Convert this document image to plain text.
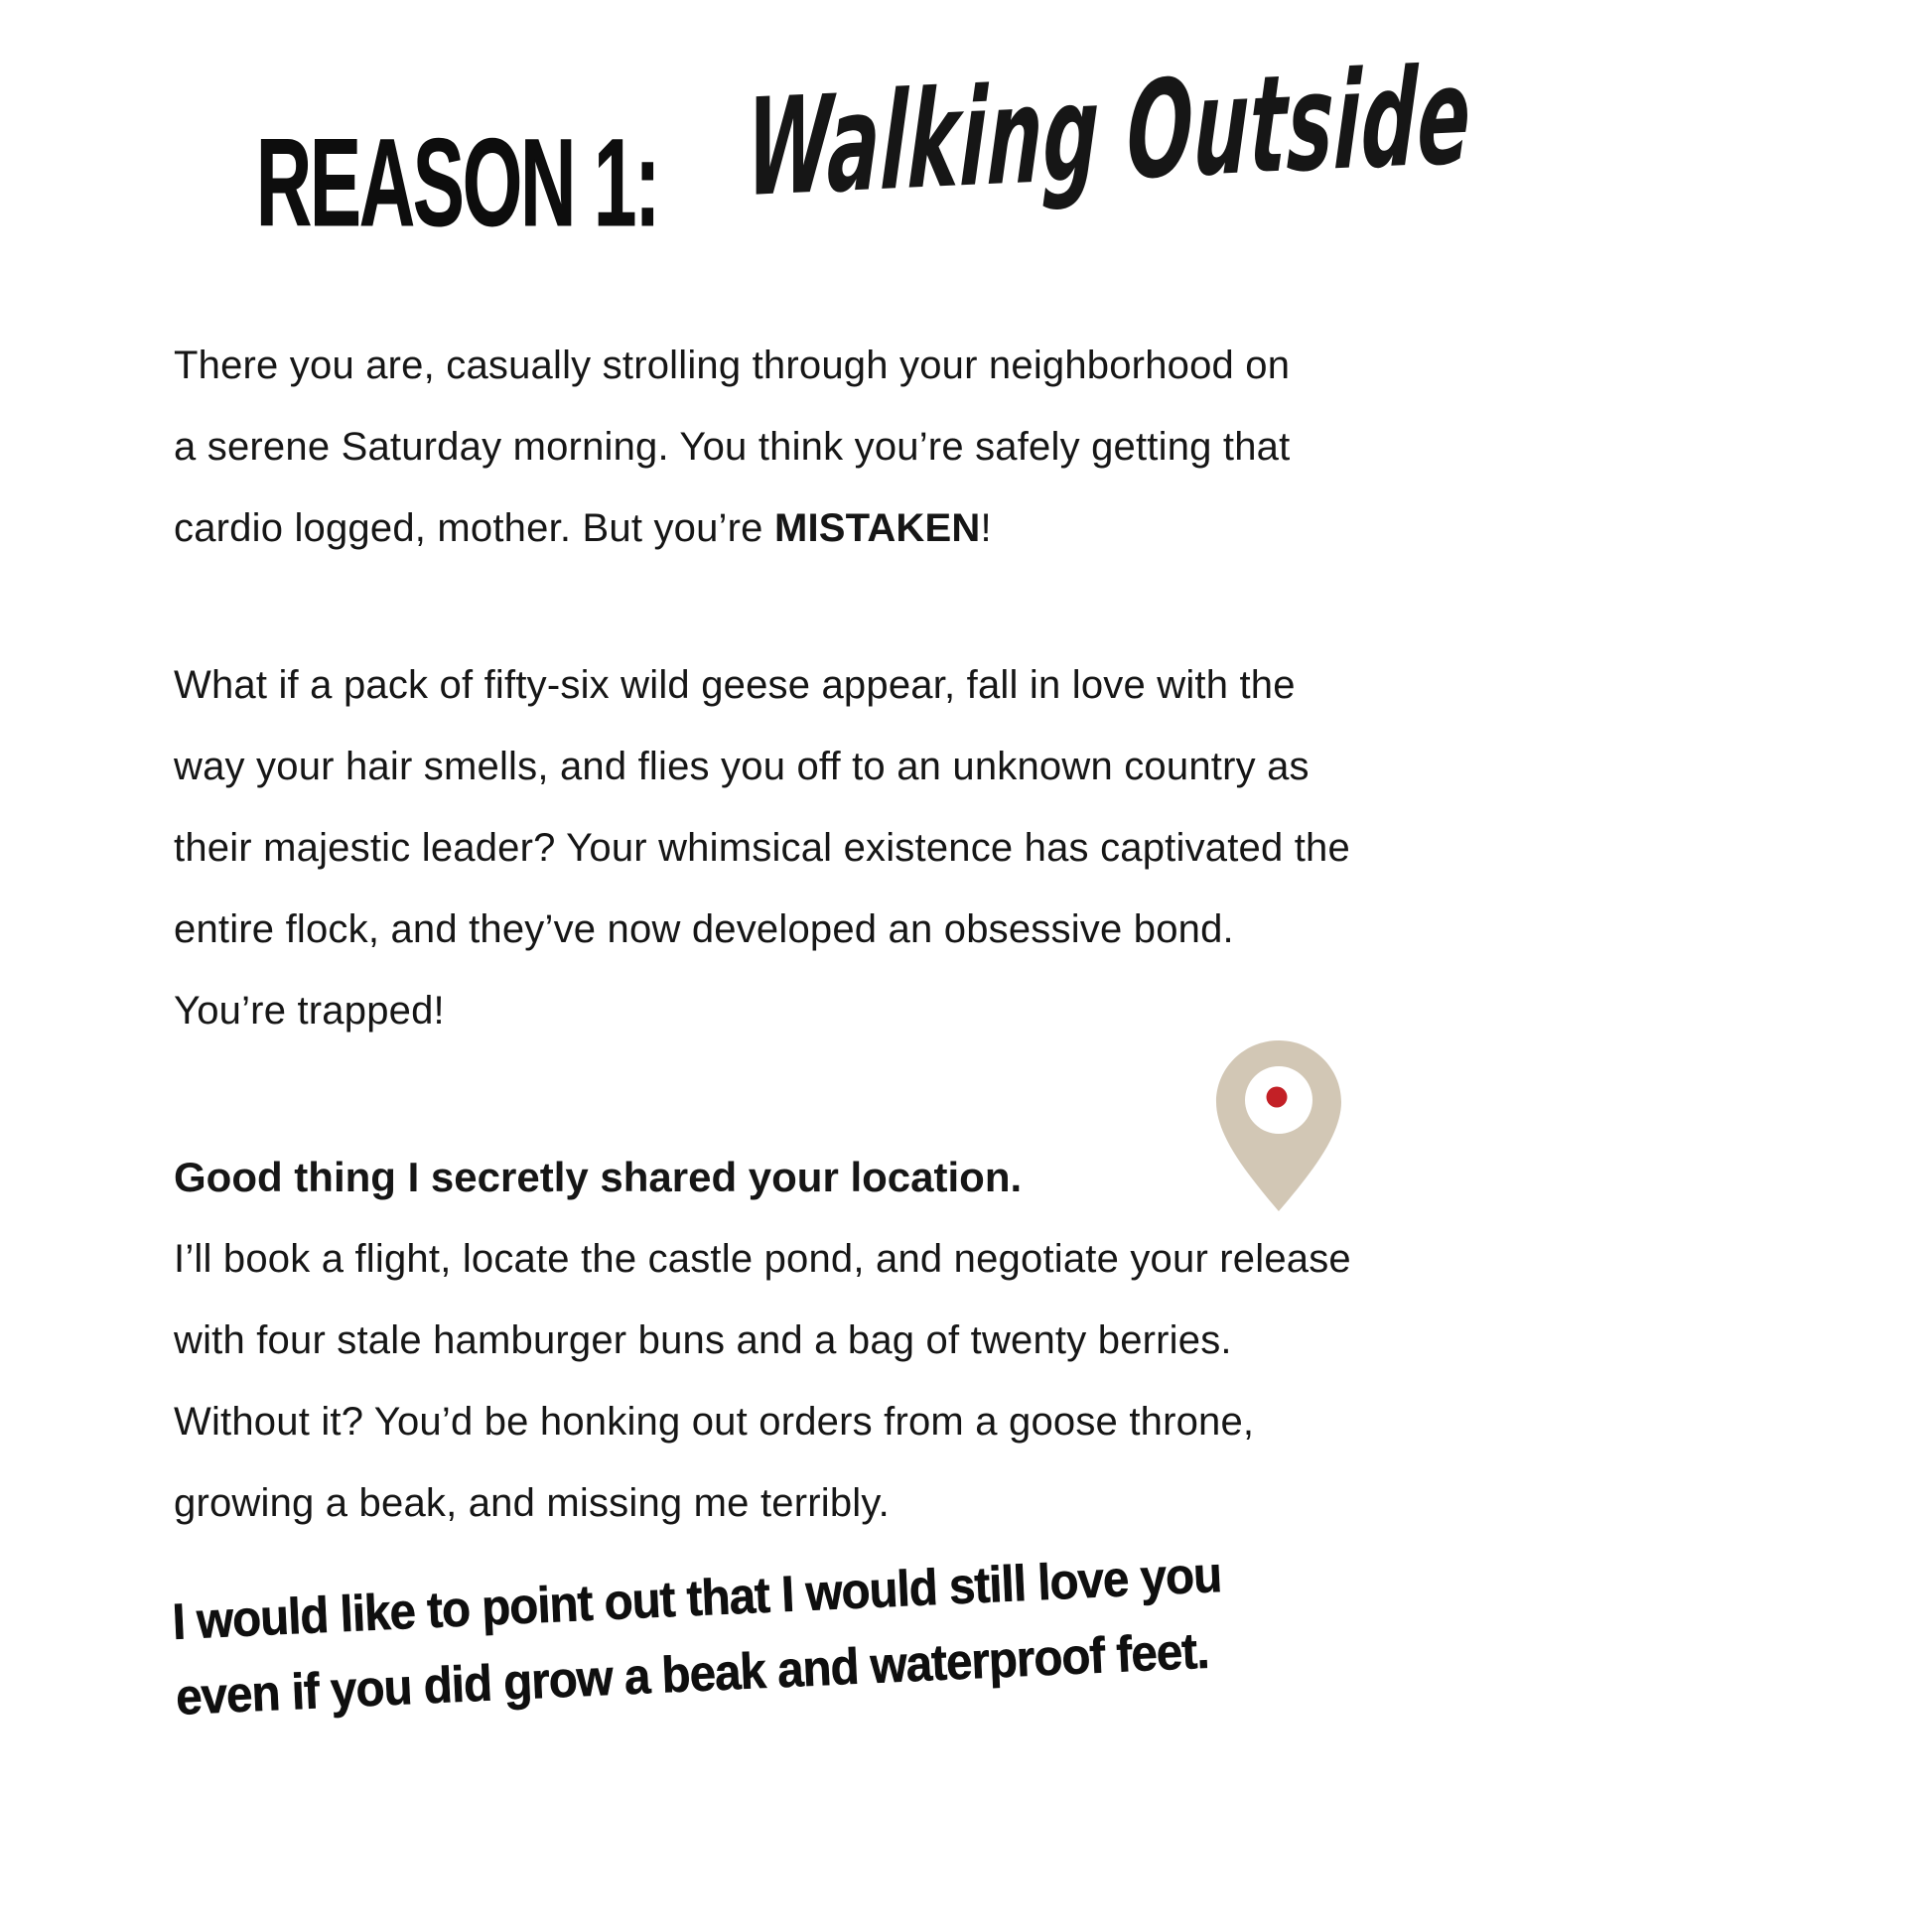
REASON 1: Walking Outside
There you are, casually strolling through your neighborhood on
a serene Saturday morning. You think you’re safely getting that
cardio logged, mother. But you’re MISTAKEN!
What if a pack of fifty-six wild geese appear, fall in love with the
way your hair smells, and flies you off to an unknown country as
their majestic leader? Your whimsical existence has captivated the
entire flock, and they’ve now developed an obsessive bond.
You’re trapped!
Good thing I secretly shared your location.
I’ll book a flight, locate the castle pond, and negotiate your release
with four stale hamburger buns and a bag of twenty berries.
Without it? You’d be honking out orders from a goose throne,
growing a beak, and missing me terribly.
I would like to point out that I would still love you
even if you did grow a beak and waterproof feet.
